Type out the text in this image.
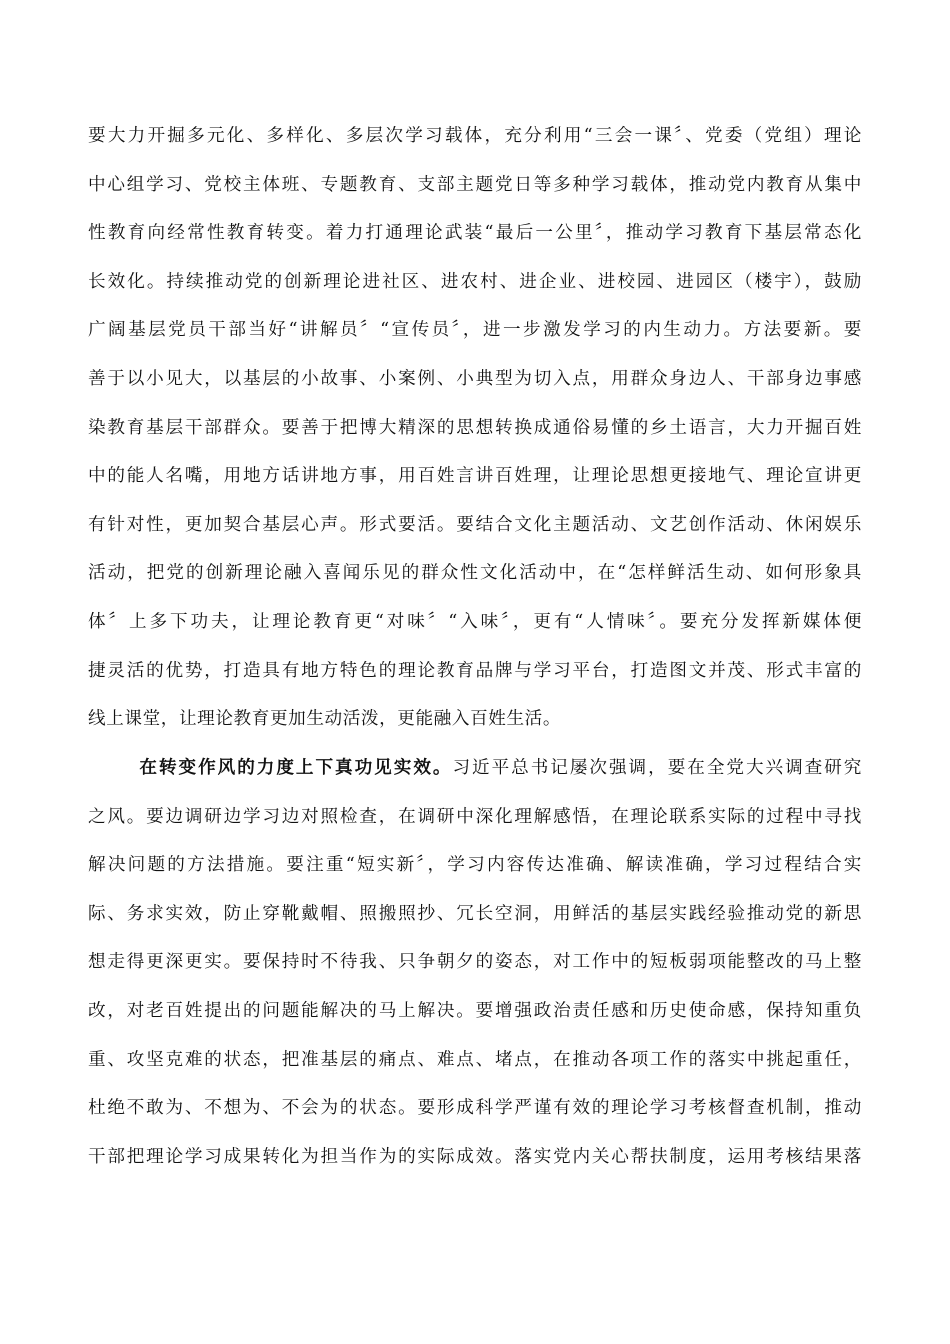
要大力开掘多元化、多样化、多层次学习载体，充分利用“三会一课〞、党委（党组）理论
中心组学习、党校主体班、专题教育、支部主题党日等多种学习载体，推动党内教育从集中
性教育向经常性教育转变。着力打通理论武装“最后一公里〞，推动学习教育下基层常态化
长效化。持续推动党的创新理论进社区、进农村、进企业、进校园、进园区（楼宇），鼓励
广阔基层党员干部当好“讲解员〞“宣传员〞，进一步激发学习的内生动力。方法要新。要
善于以小见大，以基层的小故事、小案例、小典型为切入点，用群众身边人、干部身边事感
染教育基层干部群众。要善于把博大精深的思想转换成通俗易懂的乡土语言，大力开掘百姓
中的能人名嘴，用地方话讲地方事，用百姓言讲百姓理，让理论思想更接地气、理论宣讲更
有针对性，更加契合基层心声。形式要活。要结合文化主题活动、文艺创作活动、休闲娱乐
活动，把党的创新理论融入喜闻乐见的群众性文化活动中，在“怎样鲜活生动、如何形象具
体〞上多下功夫，让理论教育更“对味〞“入味〞，更有“人情味〞。要充分发挥新媒体便
捷灵活的优势，打造具有地方特色的理论教育品牌与学习平台，打造图文并茂、形式丰富的
线上课堂，让理论教育更加生动活泼，更能融入百姓生活。
在转变作风的力度上下真功见实效。习近平总书记屡次强调，要在全党大兴调查研究
之风。要边调研边学习边对照检查，在调研中深化理解感悟，在理论联系实际的过程中寻找
解决问题的方法措施。要注重“短实新〞，学习内容传达准确、解读准确，学习过程结合实
际、务求实效，防止穿靴戴帽、照搬照抄、冗长空洞，用鲜活的基层实践经验推动党的新思
想走得更深更实。要保持时不待我、只争朝夕的姿态，对工作中的短板弱项能整改的马上整
改，对老百姓提出的问题能解决的马上解决。要增强政治责任感和历史使命感，保持知重负
重、攻坚克难的状态，把准基层的痛点、难点、堵点，在推动各项工作的落实中挑起重任，
杜绝不敢为、不想为、不会为的状态。要形成科学严谨有效的理论学习考核督查机制，推动
干部把理论学习成果转化为担当作为的实际成效。落实党内关心帮扶制度，运用考核结果落
